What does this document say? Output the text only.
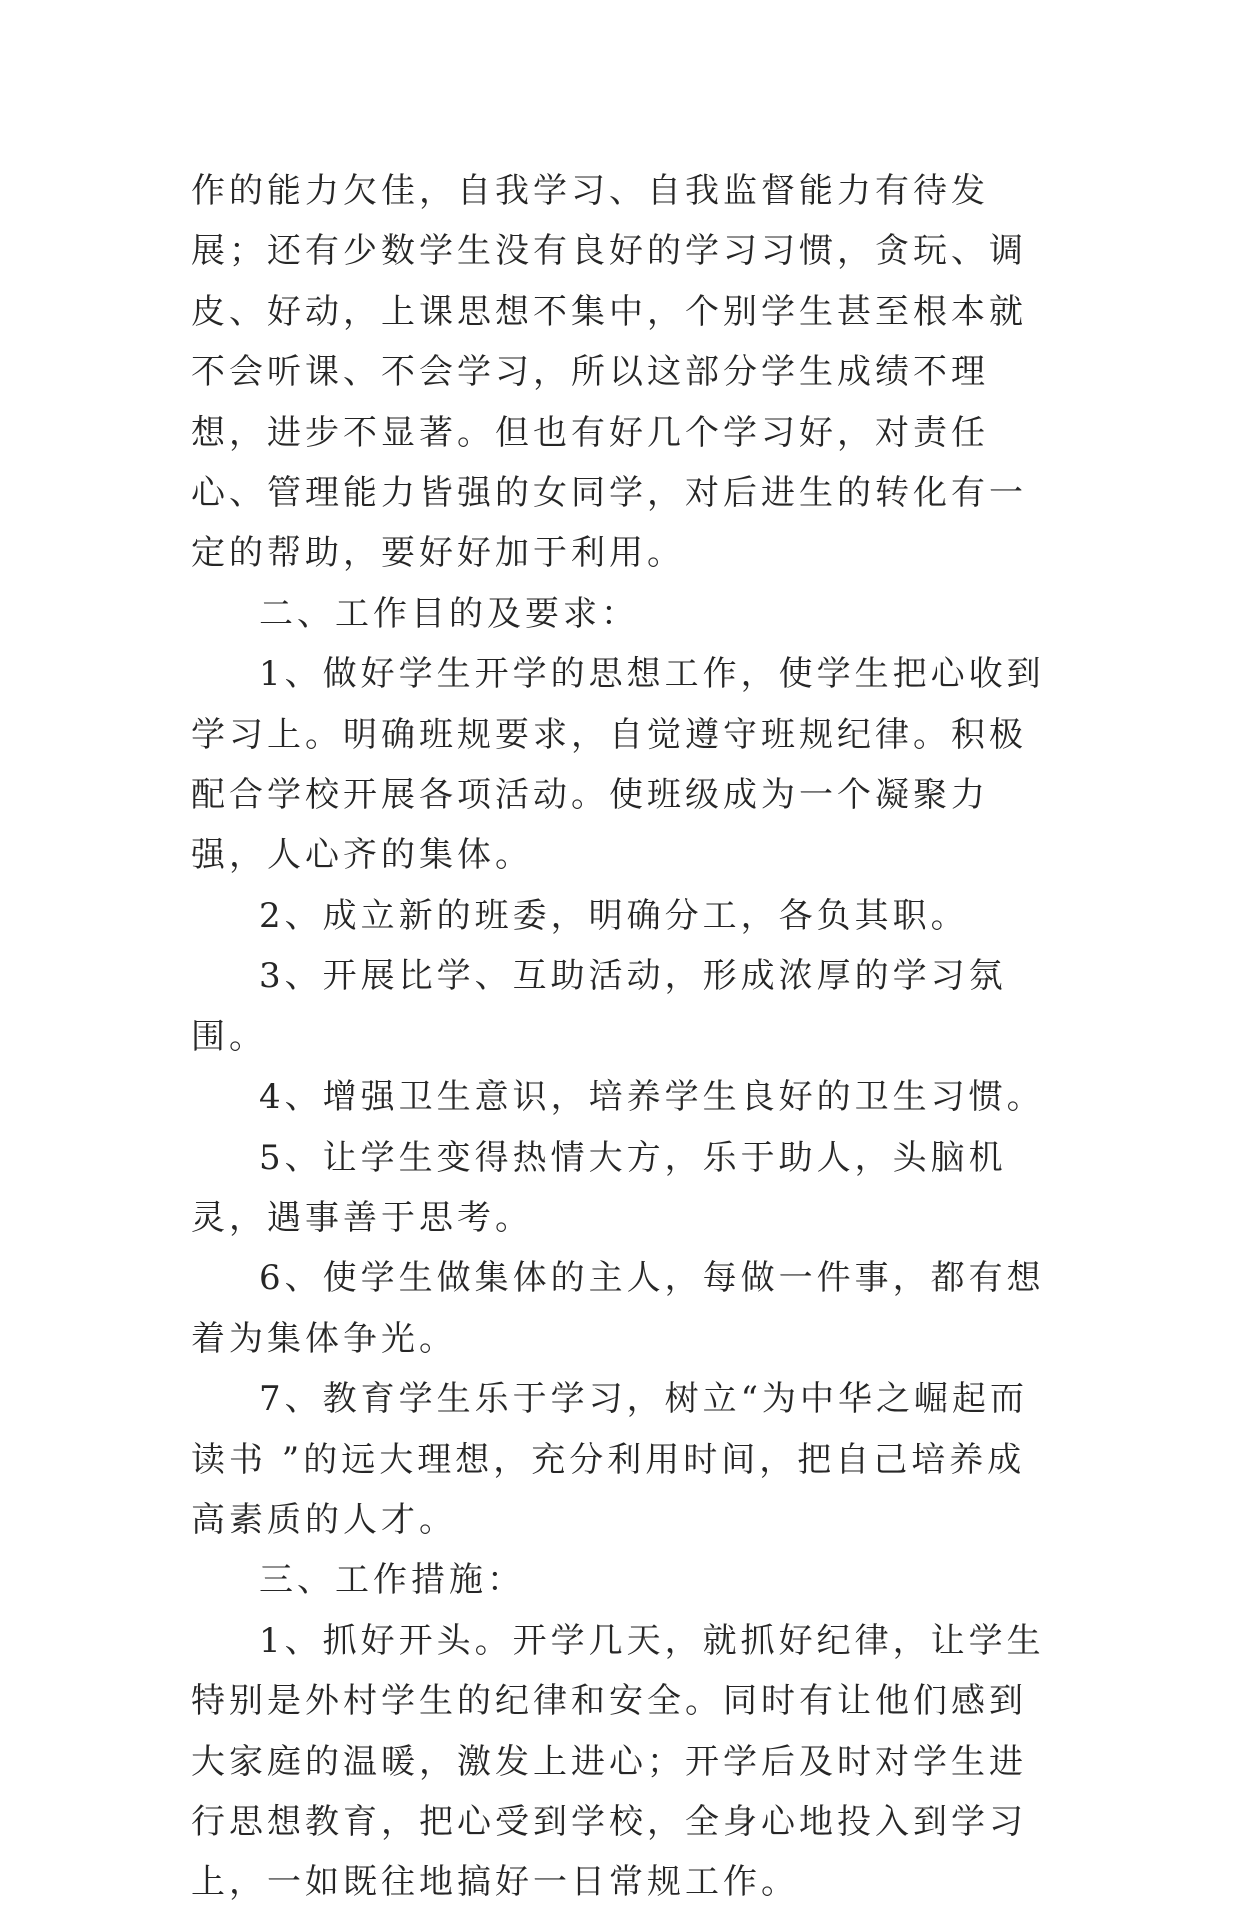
作的能力欠佳，自我学习、自我监督能力有待发展；还有少数学生没有良好的学习习惯，贪玩、调皮、好动，上课思想不集中，个别学生甚至根本就不会听课、不会学习，所以这部分学生成绩不理想，进步不显著。但也有好几个学习好，对责任心、管理能力皆强的女同学，对后进生的转化有一定的帮助，要好好加于利用。

二、工作目的及要求：

1、做好学生开学的思想工作，使学生把心收到学习上。明确班规要求，自觉遵守班规纪律。积极配合学校开展各项活动。使班级成为一个凝聚力强，人心齐的集体。

2、成立新的班委，明确分工，各负其职。

3、开展比学、互助活动，形成浓厚的学习氛围。

4、增强卫生意识，培养学生良好的卫生习惯。

5、让学生变得热情大方，乐于助人，头脑机灵，遇事善于思考。

6、使学生做集体的主人，每做一件事，都有想着为集体争光。

7、教育学生乐于学习，树立“为中华之崛起而读书 ”的远大理想，充分利用时间，把自己培养成高素质的人才。

三、工作措施：

1、抓好开头。开学几天，就抓好纪律，让学生特别是外村学生的纪律和安全。同时有让他们感到大家庭的温暖，激发上进心；开学后及时对学生进行思想教育，把心受到学校，全身心地投入到学习上，一如既往地搞好一日常规工作。
